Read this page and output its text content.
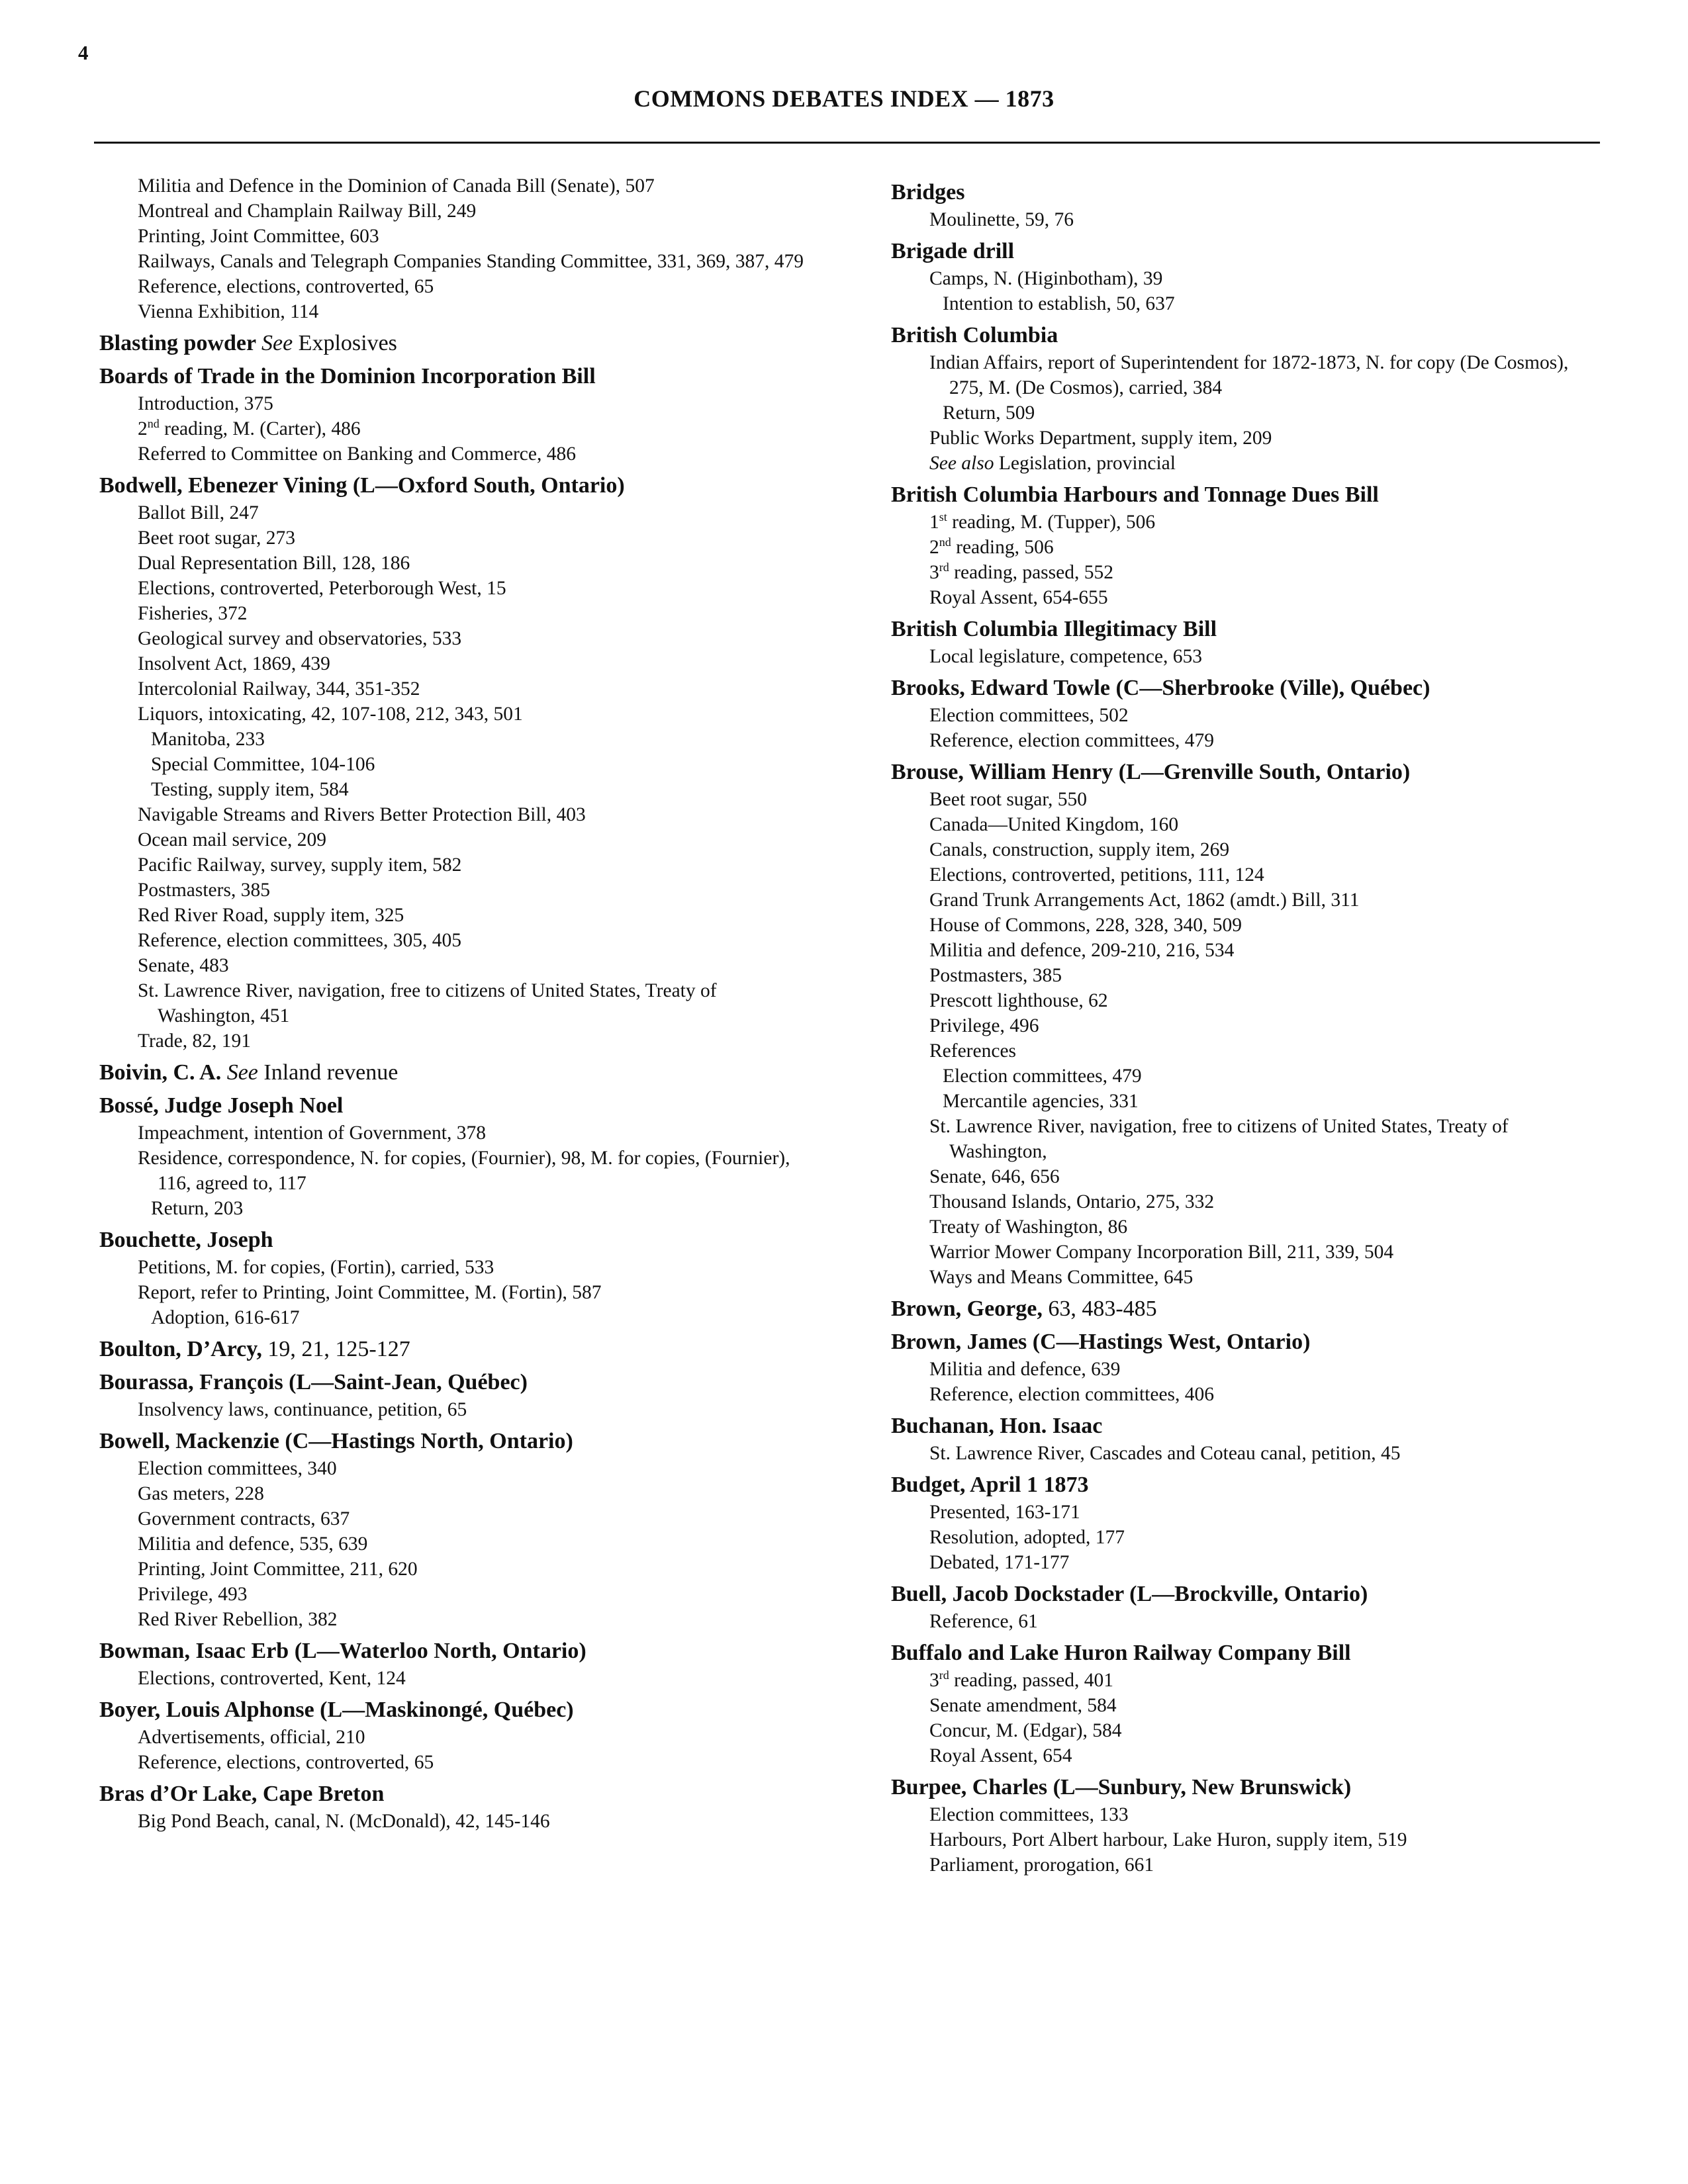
4
COMMONS DEBATES INDEX — 1873
Militia and Defence in the Dominion of Canada Bill (Senate), 507
Montreal and Champlain Railway Bill, 249
Printing, Joint Committee, 603
Railways, Canals and Telegraph Companies Standing Committee, 331, 369, 387, 479
Reference, elections, controverted, 65
Vienna Exhibition, 114
Blasting powder See Explosives
Boards of Trade in the Dominion Incorporation Bill
Introduction, 375
2nd reading, M. (Carter), 486
Referred to Committee on Banking and Commerce, 486
Bodwell, Ebenezer Vining (L—Oxford South, Ontario)
Ballot Bill, 247
Beet root sugar, 273
Dual Representation Bill, 128, 186
Elections, controverted, Peterborough West, 15
Fisheries, 372
Geological survey and observatories, 533
Insolvent Act, 1869, 439
Intercolonial Railway, 344, 351-352
Liquors, intoxicating, 42, 107-108, 212, 343, 501
Manitoba, 233
Special Committee, 104-106
Testing, supply item, 584
Navigable Streams and Rivers Better Protection Bill, 403
Ocean mail service, 209
Pacific Railway, survey, supply item, 582
Postmasters, 385
Red River Road, supply item, 325
Reference, election committees, 305, 405
Senate, 483
St. Lawrence River, navigation, free to citizens of United States, Treaty of Washington, 451
Trade, 82, 191
Boivin, C. A. See Inland revenue
Bossé, Judge Joseph Noel
Impeachment, intention of Government, 378
Residence, correspondence, N. for copies, (Fournier), 98, M. for copies, (Fournier), 116, agreed to, 117
Return, 203
Bouchette, Joseph
Petitions, M. for copies, (Fortin), carried, 533
Report, refer to Printing, Joint Committee, M. (Fortin), 587
Adoption, 616-617
Boulton, D’Arcy, 19, 21, 125-127
Bourassa, François (L—Saint-Jean, Québec)
Insolvency laws, continuance, petition, 65
Bowell, Mackenzie (C—Hastings North, Ontario)
Election committees, 340
Gas meters, 228
Government contracts, 637
Militia and defence, 535, 639
Printing, Joint Committee, 211, 620
Privilege, 493
Red River Rebellion, 382
Bowman, Isaac Erb (L—Waterloo North, Ontario)
Elections, controverted, Kent, 124
Boyer, Louis Alphonse (L—Maskinongé, Québec)
Advertisements, official, 210
Reference, elections, controverted, 65
Bras d’Or Lake, Cape Breton
Big Pond Beach, canal, N. (McDonald), 42, 145-146
Bridges
Moulinette, 59, 76
Brigade drill
Camps, N. (Higinbotham), 39
Intention to establish, 50, 637
British Columbia
Indian Affairs, report of Superintendent for 1872-1873, N. for copy (De Cosmos), 275, M. (De Cosmos), carried, 384
Return, 509
Public Works Department, supply item, 209
See also Legislation, provincial
British Columbia Harbours and Tonnage Dues Bill
1st reading, M. (Tupper), 506
2nd reading, 506
3rd reading, passed, 552
Royal Assent, 654-655
British Columbia Illegitimacy Bill
Local legislature, competence, 653
Brooks, Edward Towle (C—Sherbrooke (Ville), Québec)
Election committees, 502
Reference, election committees, 479
Brouse, William Henry (L—Grenville South, Ontario)
Beet root sugar, 550
Canada—United Kingdom, 160
Canals, construction, supply item, 269
Elections, controverted, petitions, 111, 124
Grand Trunk Arrangements Act, 1862 (amdt.) Bill, 311
House of Commons, 228, 328, 340, 509
Militia and defence, 209-210, 216, 534
Postmasters, 385
Prescott lighthouse, 62
Privilege, 496
References
Election committees, 479
Mercantile agencies, 331
St. Lawrence River, navigation, free to citizens of United States, Treaty of Washington,
Senate, 646, 656
Thousand Islands, Ontario, 275, 332
Treaty of Washington, 86
Warrior Mower Company Incorporation Bill, 211, 339, 504
Ways and Means Committee, 645
Brown, George, 63, 483-485
Brown, James (C—Hastings West, Ontario)
Militia and defence, 639
Reference, election committees, 406
Buchanan, Hon. Isaac
St. Lawrence River, Cascades and Coteau canal, petition, 45
Budget, April 1 1873
Presented, 163-171
Resolution, adopted, 177
Debated, 171-177
Buell, Jacob Dockstader (L—Brockville, Ontario)
Reference, 61
Buffalo and Lake Huron Railway Company Bill
3rd reading, passed, 401
Senate amendment, 584
Concur, M. (Edgar), 584
Royal Assent, 654
Burpee, Charles (L—Sunbury, New Brunswick)
Election committees, 133
Harbours, Port Albert harbour, Lake Huron, supply item, 519
Parliament, prorogation, 661
